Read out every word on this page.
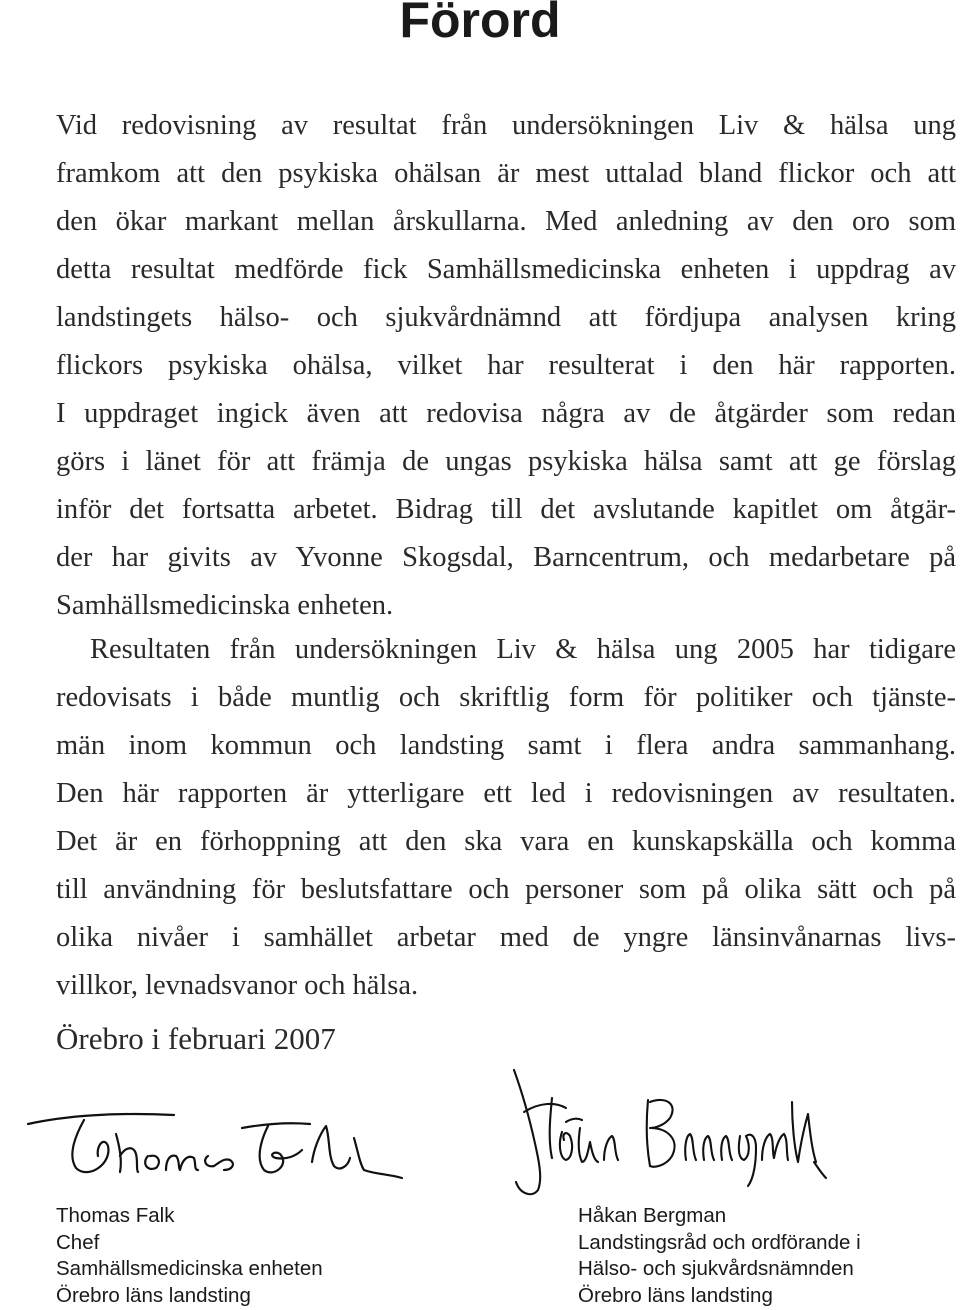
Förord
Vid redovisning av resultat från undersökningen Liv & hälsa ung
framkom att den psykiska ohälsan är mest uttalad bland flickor och att
den ökar markant mellan årskullarna. Med anledning av den oro som
detta resultat medförde fick Samhällsmedicinska enheten i uppdrag av
landstingets hälso- och sjukvårdnämnd att fördjupa analysen kring
flickors psykiska ohälsa, vilket har resulterat i den här rapporten.
I uppdraget ingick även att redovisa några av de åtgärder som redan
görs i länet för att främja de ungas psykiska hälsa samt att ge förslag
inför det fortsatta arbetet. Bidrag till det avslutande kapitlet om åtgär-
der har givits av Yvonne Skogsdal, Barncentrum, och medarbetare på
Samhällsmedicinska enheten.
Resultaten från undersökningen Liv & hälsa ung 2005 har tidigare
redovisats i både muntlig och skriftlig form för politiker och tjänste-
män inom kommun och landsting samt i flera andra sammanhang.
Den här rapporten är ytterligare ett led i redovisningen av resultaten.
Det är en förhoppning att den ska vara en kunskapskälla och komma
till användning för beslutsfattare och personer som på olika sätt och på
olika nivåer i samhället arbetar med de yngre länsinvånarnas livs-
villkor, levnadsvanor och hälsa.
Örebro i februari 2007
Thomas Falk
Chef
Samhällsmedicinska enheten
Örebro läns landsting
Håkan Bergman
Landstingsråd och ordförande i
Hälso- och sjukvårdsnämnden
Örebro läns landsting
